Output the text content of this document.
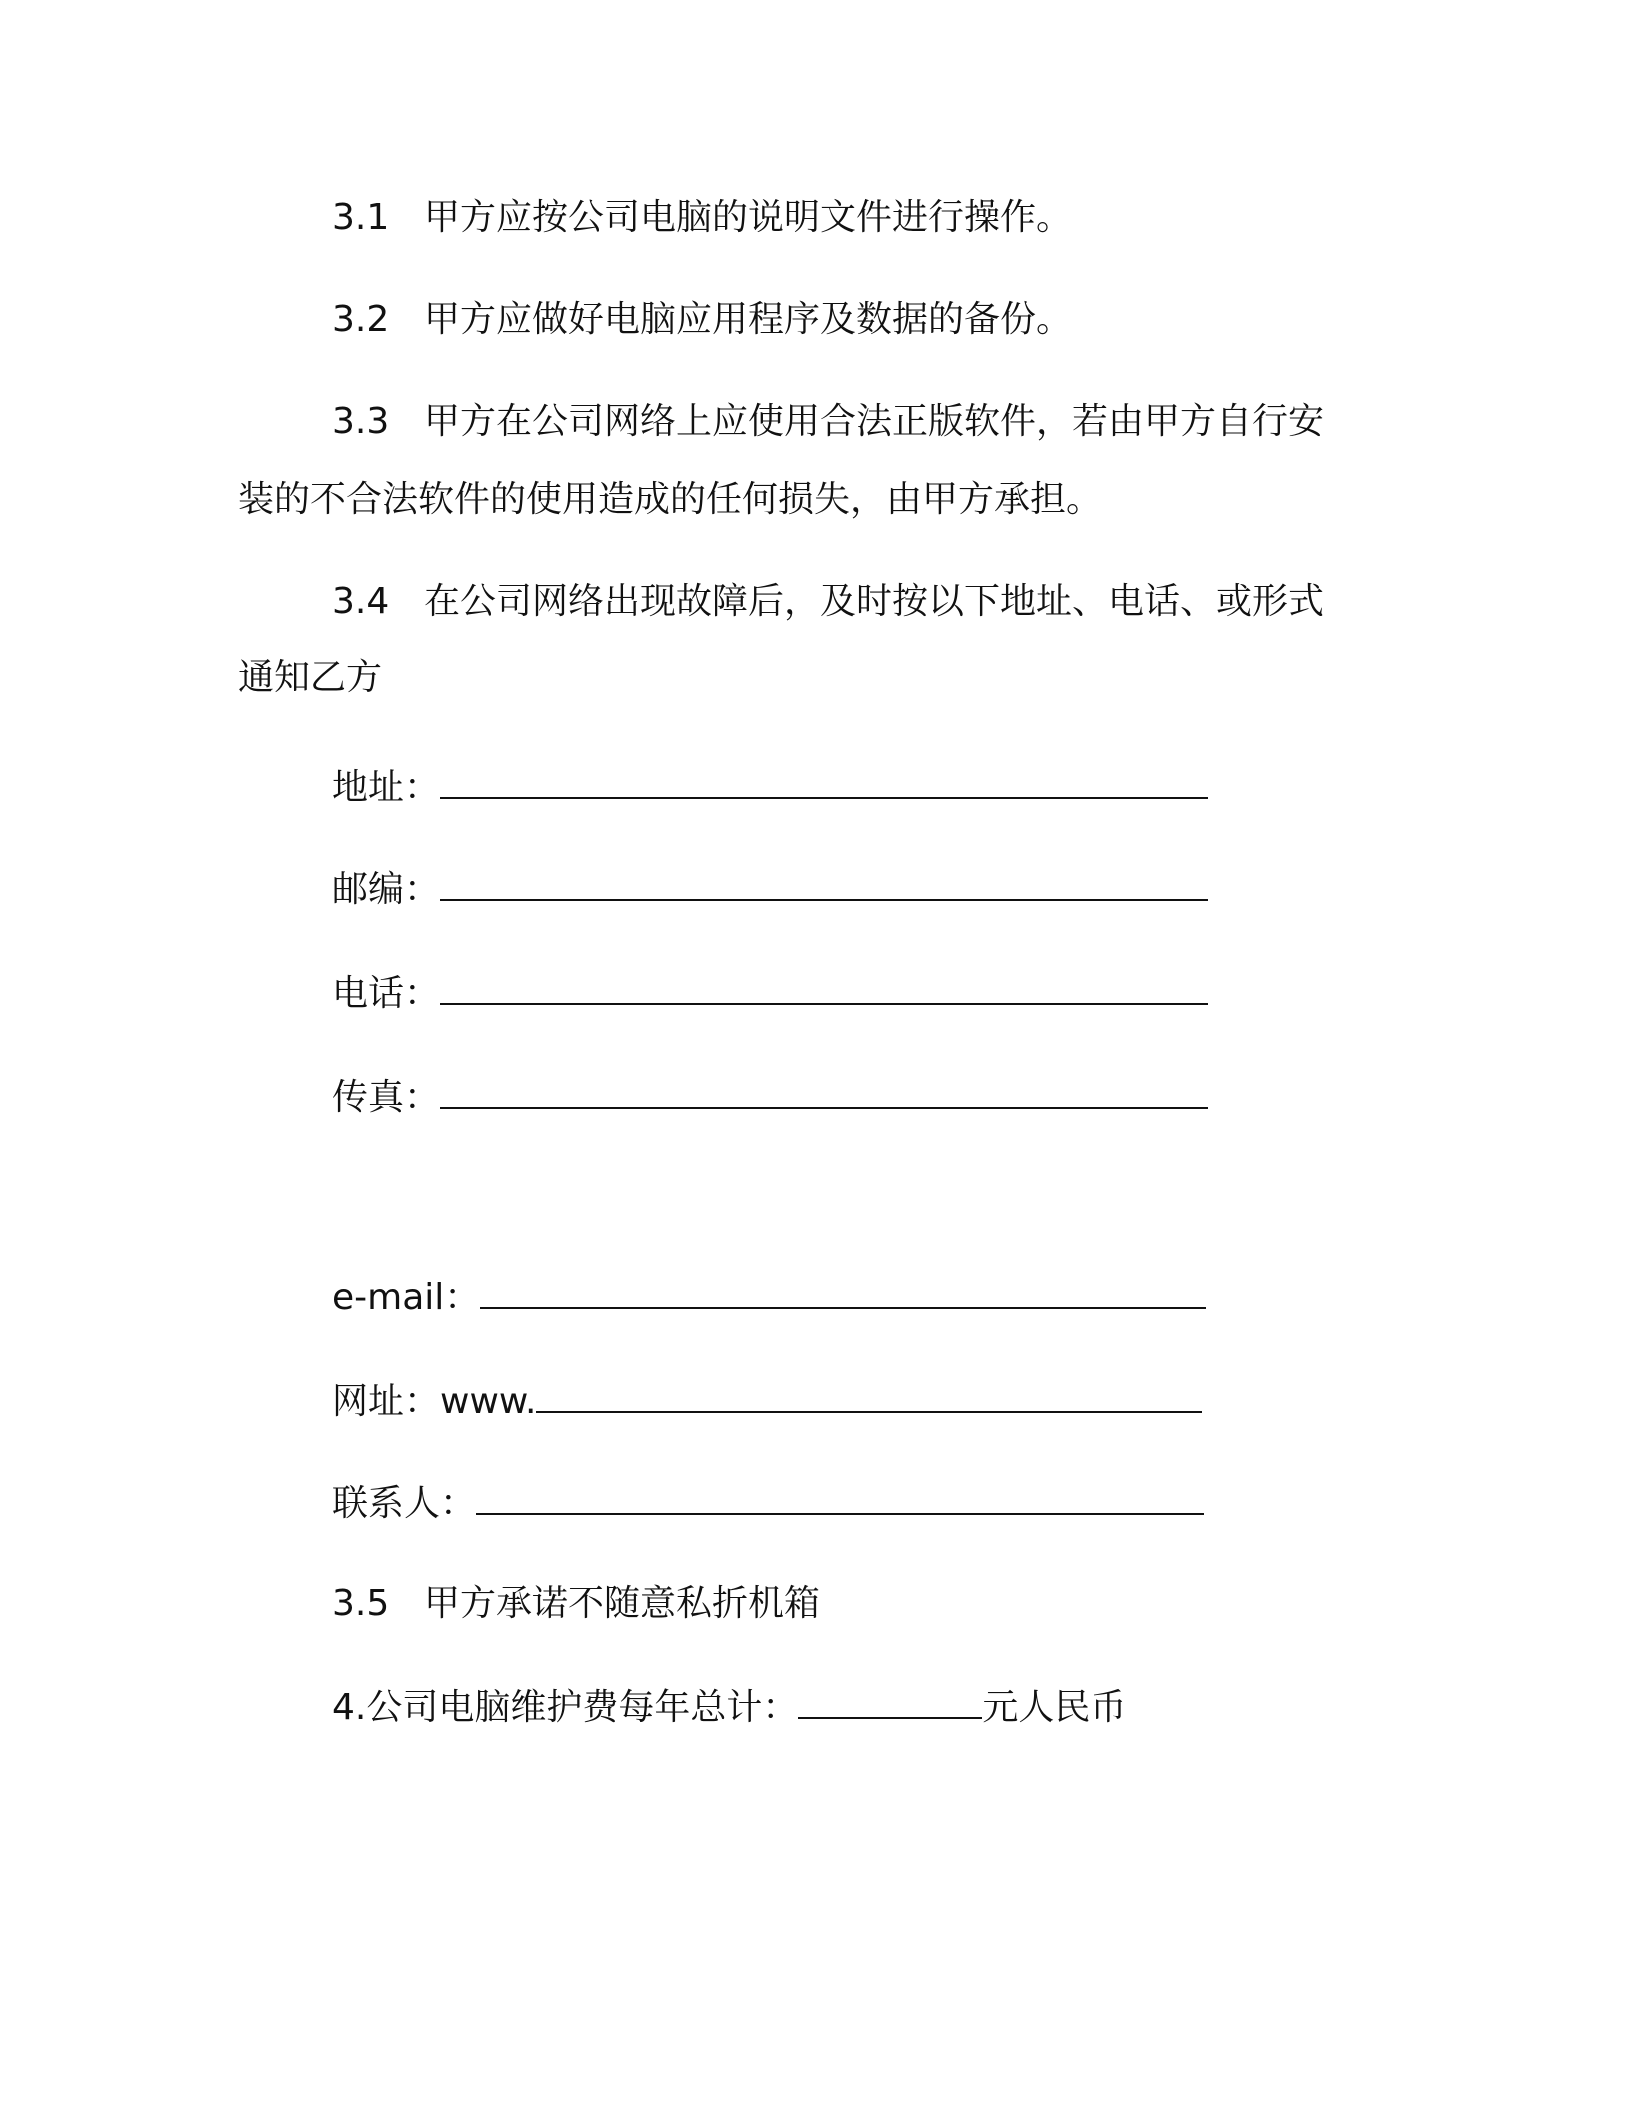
3.1 甲方应按公司电脑的说明文件进行操作。
3.2 甲方应做好电脑应用程序及数据的备份。
3.3 甲方在公司网络上应使用合法正版软件，若由甲方自行安
装的不合法软件的使用造成的任何损失，由甲方承担。
3.4 在公司网络出现故障后，及时按以下地址、电话、或形式
通知乙方
地址：
邮编：
电话：
传真：
e-mail：
网址：www.
联系人：
3.5 甲方承诺不随意私折机箱
4.公司电脑维护费每年总计：	元人民币
